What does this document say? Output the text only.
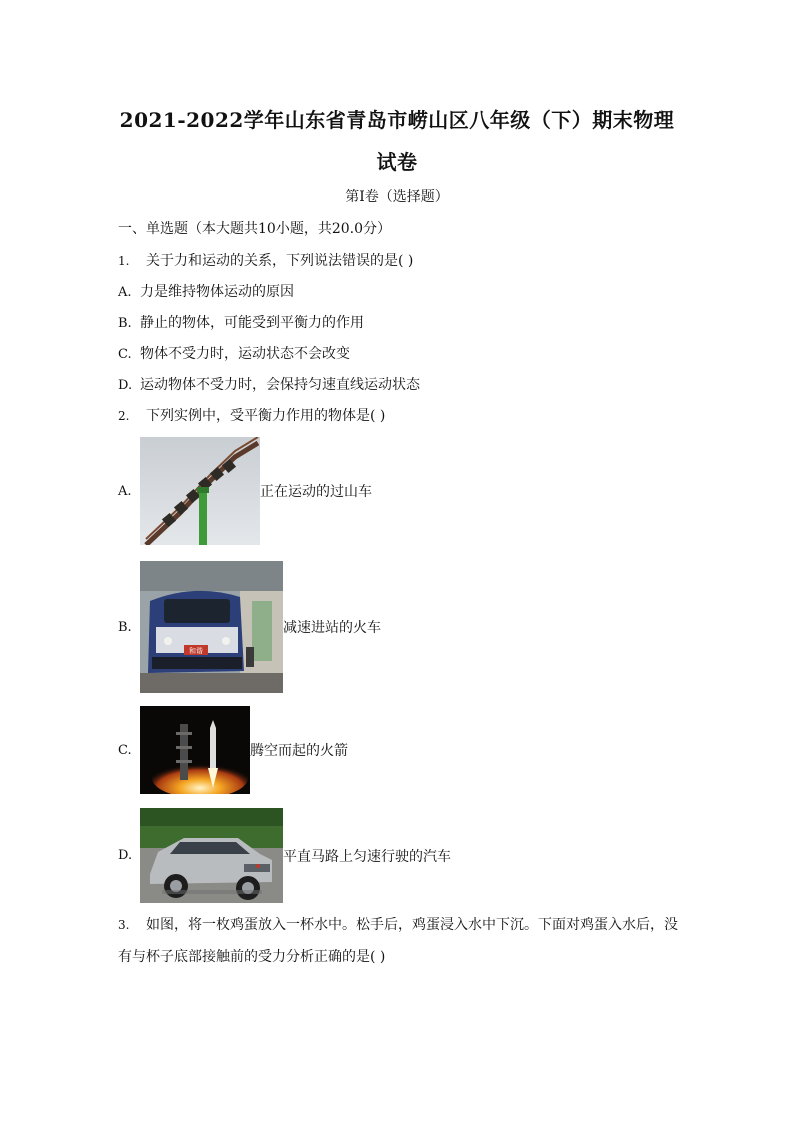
2021-2022学年山东省青岛市崂山区八年级（下）期末物理
试卷
第I卷（选择题）
一、单选题（本大题共10小题，共20.0分）
1. 关于力和运动的关系，下列说法错误的是( )
A. 力是维持物体运动的原因
B. 静止的物体，可能受到平衡力的作用
C. 物体不受力时，运动状态不会改变
D. 运动物体不受力时，会保持匀速直线运动状态
2. 下列实例中，受平衡力作用的物体是( )
A.	正在运动的过山车
B.
和谐
减速进站的火车
C.	腾空而起的火箭
D.	平直马路上匀速行驶的汽车
3. 如图，将一枚鸡蛋放入一杯水中。松手后，鸡蛋浸入水中下沉。下面对鸡蛋入水后，没
有与杯子底部接触前的受力分析正确的是( )
